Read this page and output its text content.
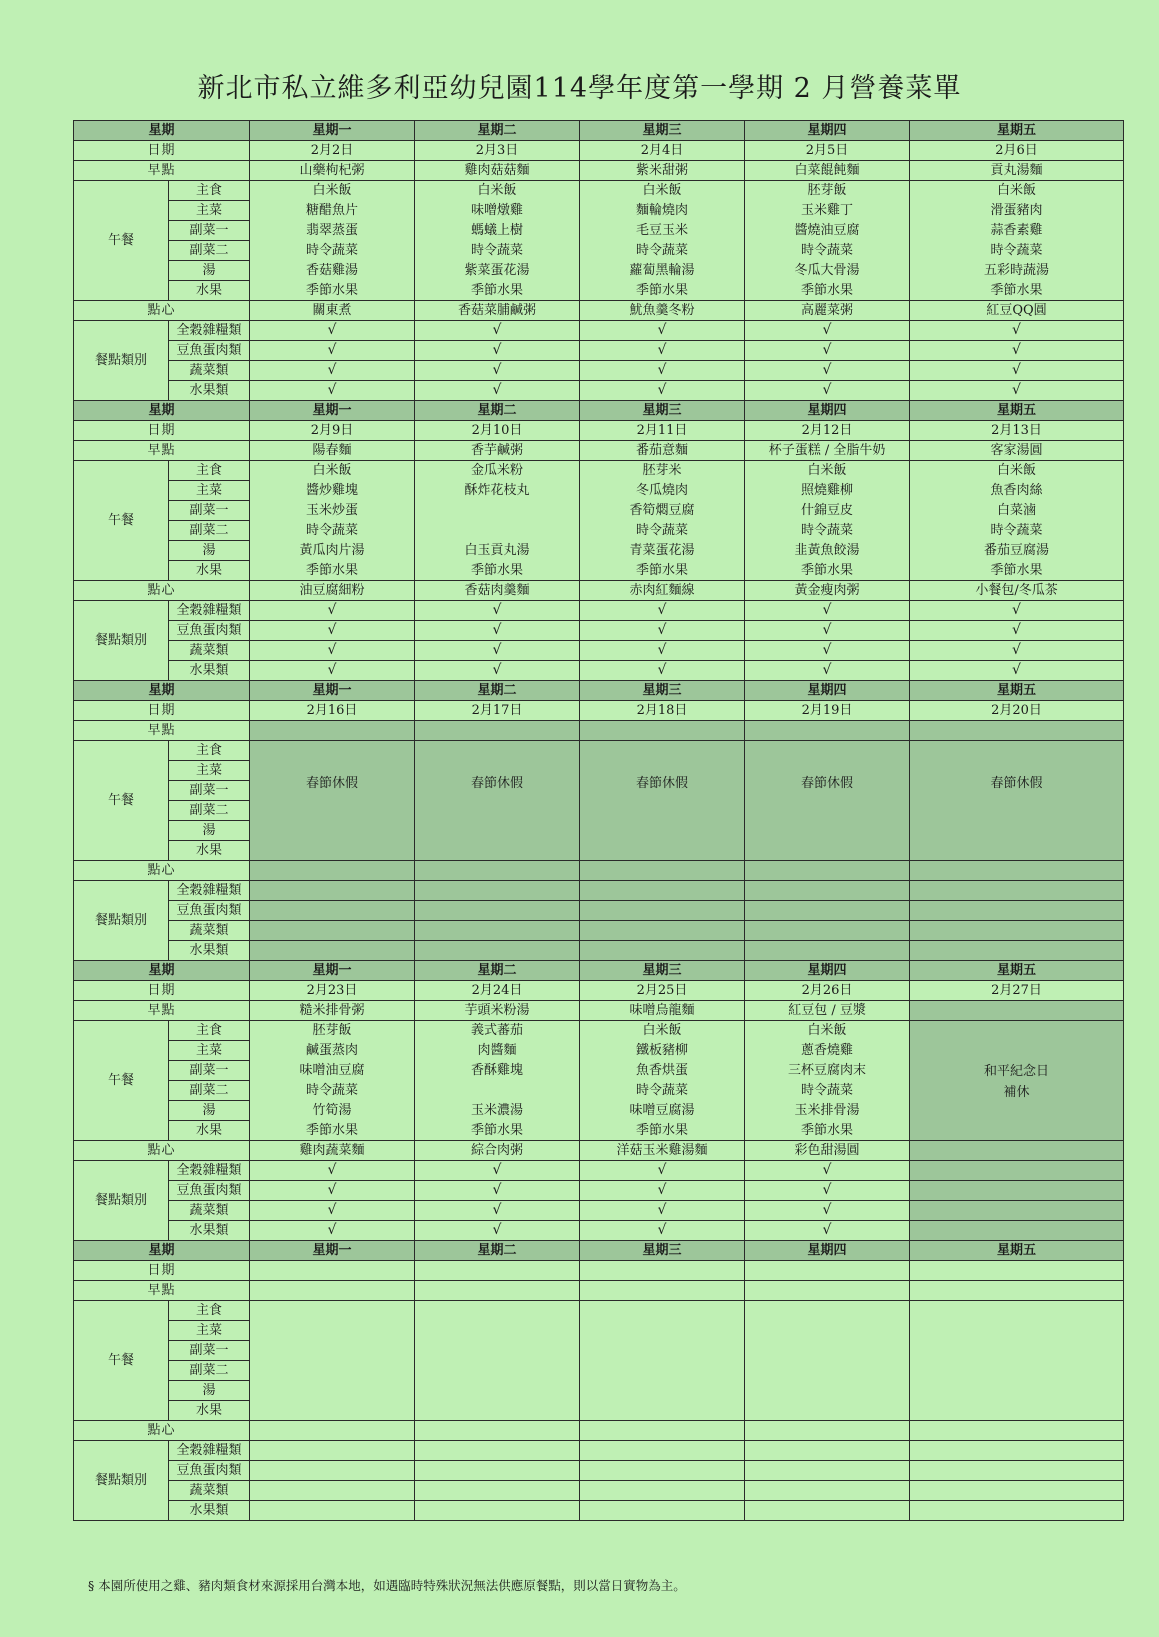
新北市私立維多利亞幼兒園114學年度第一學期 2 月營養菜單
星期		星期一	星期二	星期三	星期四	星期五
日期		2月2日	2月3日	2月4日	2月5日	2月6日
早點		山藥枸杞粥	雞肉菇菇麵	紫米甜粥	白菜餛飩麵	貢丸湯麵
午餐	主食	白米飯	白米飯	白米飯	胚芽飯	白米飯
	主菜	糖醋魚片	味噌燉雞	麵輪燒肉	玉米雞丁	滑蛋豬肉
	副菜一	翡翠蒸蛋	螞蟻上樹	毛豆玉米	醬燒油豆腐	蒜香素雞
	副菜二	時令蔬菜	時令蔬菜	時令蔬菜	時令蔬菜	時令蔬菜
	湯	香菇雞湯	紫菜蛋花湯	蘿蔔黑輪湯	冬瓜大骨湯	五彩時蔬湯
	水果	季節水果	季節水果	季節水果	季節水果	季節水果
點心		關東煮	香菇菜脯鹹粥	魷魚羹冬粉	高麗菜粥	紅豆QQ圓
餐點類別	全穀雜糧類	√	√	√	√	√
	豆魚蛋肉類	√	√	√	√	√
	蔬菜類	√	√	√	√	√
	水果類	√	√	√	√	√
星期		星期一	星期二	星期三	星期四	星期五
日期		2月9日	2月10日	2月11日	2月12日	2月13日
早點		陽春麵	香芋鹹粥	番茄意麵	杯子蛋糕 / 全脂牛奶	客家湯圓
午餐	主食	白米飯	金瓜米粉	胚芽米	白米飯	白米飯
	主菜	醬炒雞塊	酥炸花枝丸	冬瓜燒肉	照燒雞柳	魚香肉絲
	副菜一	玉米炒蛋		香筍燜豆腐	什錦豆皮	白菜滷
	副菜二	時令蔬菜		時令蔬菜	時令蔬菜	時令蔬菜
	湯	黃瓜肉片湯	白玉貢丸湯	青菜蛋花湯	韭黃魚餃湯	番茄豆腐湯
	水果	季節水果	季節水果	季節水果	季節水果	季節水果
點心		油豆腐細粉	香菇肉羹麵	赤肉紅麵線	黃金瘦肉粥	小餐包/冬瓜茶
餐點類別	全穀雜糧類	√	√	√	√	√
	豆魚蛋肉類	√	√	√	√	√
	蔬菜類	√	√	√	√	√
	水果類	√	√	√	√	√
星期		星期一	星期二	星期三	星期四	星期五
日期		2月16日	2月17日	2月18日	2月19日	2月20日
早點						
午餐	主食	春節休假	春節休假	春節休假	春節休假	春節休假
	主菜					
	副菜一					
	副菜二					
	湯					
	水果					
點心						
餐點類別	全穀雜糧類					
	豆魚蛋肉類					
	蔬菜類					
	水果類					
星期		星期一	星期二	星期三	星期四	星期五
日期		2月23日	2月24日	2月25日	2月26日	2月27日
早點		糙米排骨粥	芋頭米粉湯	味噌烏龍麵	紅豆包 / 豆漿	
午餐	主食	胚芽飯	義式蕃茄	白米飯	白米飯	和平紀念日
補休

	主菜	鹹蛋蒸肉	肉醬麵	鐵板豬柳	蔥香燒雞	
	副菜一	味噌油豆腐	香酥雞塊	魚香烘蛋	三杯豆腐肉末	
	副菜二	時令蔬菜		時令蔬菜	時令蔬菜	
	湯	竹筍湯	玉米濃湯	味噌豆腐湯	玉米排骨湯	
	水果	季節水果	季節水果	季節水果	季節水果	
點心		雞肉蔬菜麵	綜合肉粥	洋菇玉米雞湯麵	彩色甜湯圓	
餐點類別	全穀雜糧類	√	√	√	√	
	豆魚蛋肉類	√	√	√	√	
	蔬菜類	√	√	√	√	
	水果類	√	√	√	√	
星期		星期一	星期二	星期三	星期四	星期五
日期						
早點						
午餐	主食					
	主菜					
	副菜一					
	副菜二					
	湯					
	水果					
點心						
餐點類別	全穀雜糧類					
	豆魚蛋肉類					
	蔬菜類					
	水果類					
§ 本園所使用之雞、豬肉類食材來源採用台灣本地，如遇臨時特殊狀況無法供應原餐點，則以當日實物為主。
